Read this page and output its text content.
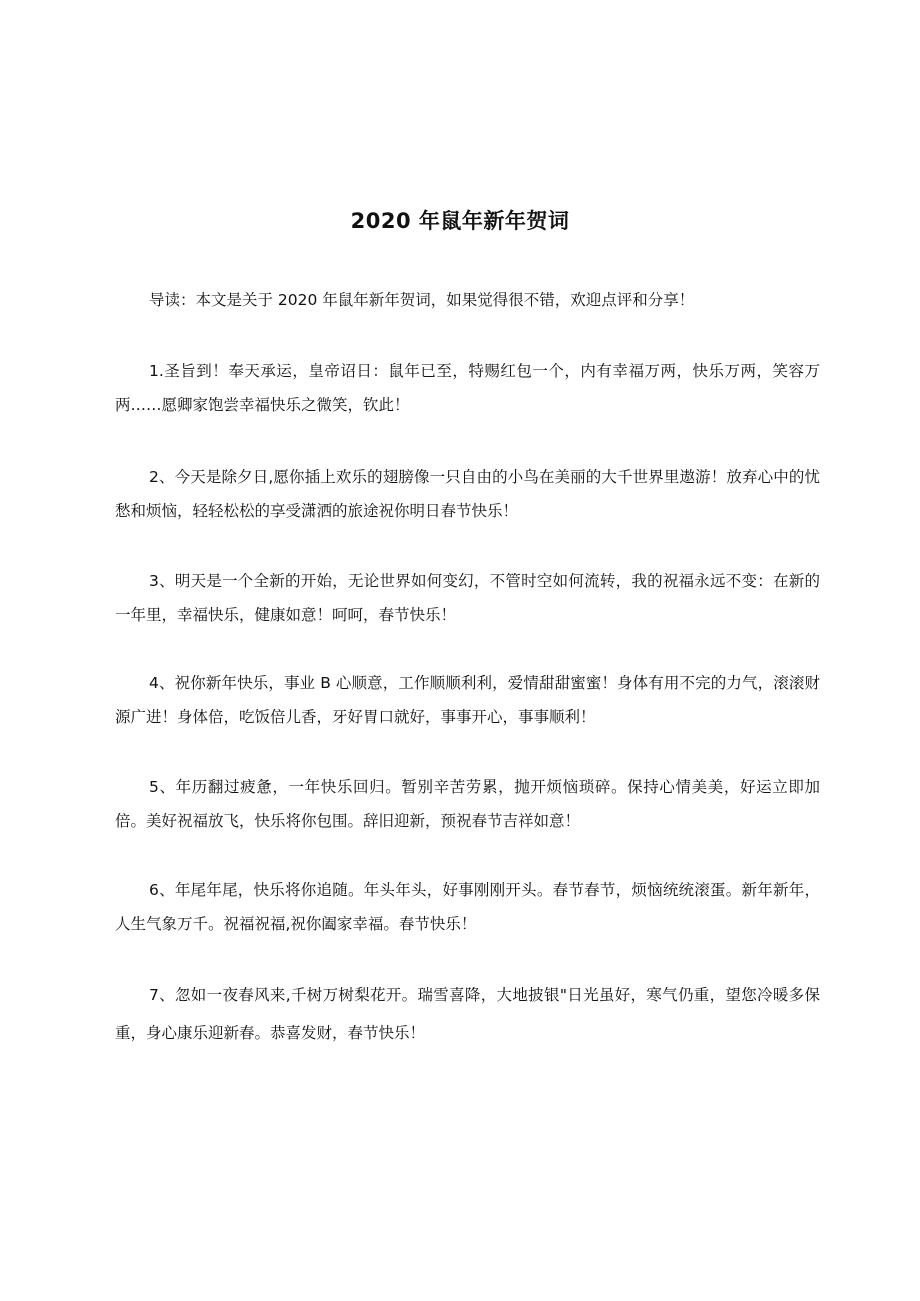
2020 年鼠年新年贺词

导读：本文是关于 2020 年鼠年新年贺词，如果觉得很不错，欢迎点评和分享！

1.圣旨到！奉天承运，皇帝诏日：鼠年已至，特赐红包一个，内有幸福万两，快乐万两，笑容万两……愿卿家饱尝幸福快乐之微笑，钦此！

2、今天是除夕日,愿你插上欢乐的翅膀像一只自由的小鸟在美丽的大千世界里遨游！放弃心中的忧愁和烦恼，轻轻松松的享受潇洒的旅途祝你明日春节快乐！

3、明天是一个全新的开始，无论世界如何变幻，不管时空如何流转，我的祝福永远不变：在新的一年里，幸福快乐，健康如意！呵呵，春节快乐！

4、祝你新年快乐，事业 B 心顺意，工作顺顺利利，爱情甜甜蜜蜜！身体有用不完的力气，滚滚财源广进！身体倍，吃饭倍儿香，牙好胃口就好，事事开心，事事顺利！

5、年历翻过疲惫，一年快乐回归。暂别辛苦劳累，抛开烦恼琐碎。保持心情美美，好运立即加倍。美好祝福放飞，快乐将你包围。辞旧迎新，预祝春节吉祥如意！

6、年尾年尾，快乐将你追随。年头年头，好事刚刚开头。春节春节，烦恼统统滚蛋。新年新年，人生气象万千。祝福祝福,祝你阖家幸福。春节快乐！

7、忽如一夜春风来,千树万树梨花开。瑞雪喜降，大地披银"日光虽好，寒气仍重，望您冷暖多保重，身心康乐迎新春。恭喜发财，春节快乐！
